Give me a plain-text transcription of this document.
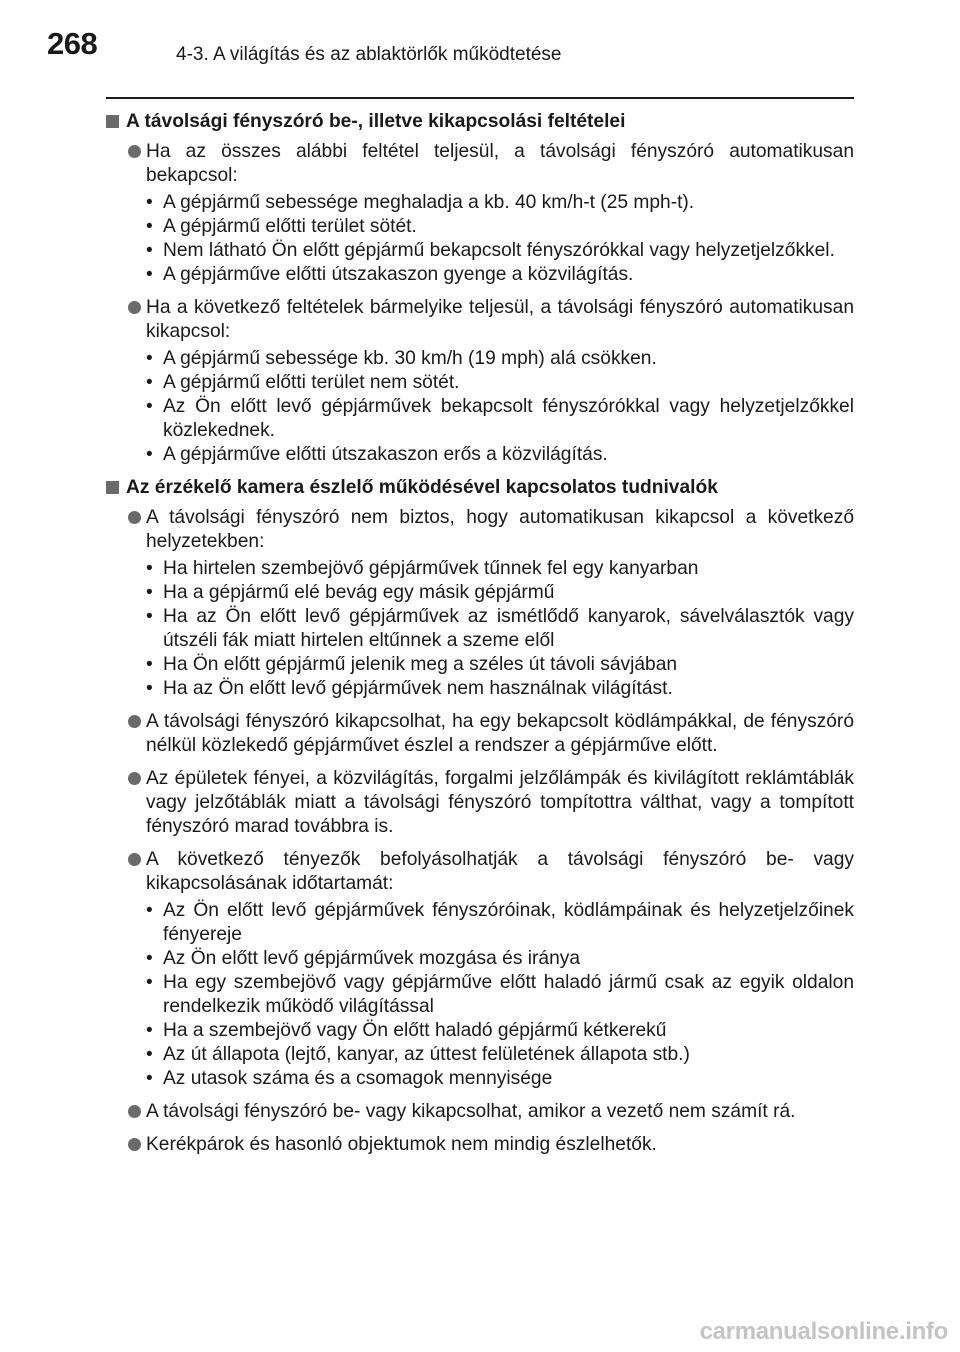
268	4-3. A világítás és az ablaktörlők működtetése
A távolsági fényszóró be-, illetve kikapcsolási feltételei
Ha az összes alábbi feltétel teljesül, a távolsági fényszóró automatikusan bekapcsol:
• A gépjármű sebessége meghaladja a kb. 40 km/h-t (25 mph-t).
• A gépjármű előtti terület sötét.
• Nem látható Ön előtt gépjármű bekapcsolt fényszórókkal vagy helyzetjelzőkkel.
• A gépjárműve előtti útszakaszon gyenge a közvilágítás.
Ha a következő feltételek bármelyike teljesül, a távolsági fényszóró automatikusan kikapcsol:
• A gépjármű sebessége kb. 30 km/h (19 mph) alá csökken.
• A gépjármű előtti terület nem sötét.
• Az Ön előtt levő gépjárművek bekapcsolt fényszórókkal vagy helyzetjelzőkkel közlekednek.
• A gépjárműve előtti útszakaszon erős a közvilágítás.
Az érzékelő kamera észlelő működésével kapcsolatos tudnivalók
A távolsági fényszóró nem biztos, hogy automatikusan kikapcsol a következő helyzetekben:
• Ha hirtelen szembejövő gépjárművek tűnnek fel egy kanyarban
• Ha a gépjármű elé bevág egy másik gépjármű
• Ha az Ön előtt levő gépjárművek az ismétlődő kanyarok, sávelválasztók vagy útszéli fák miatt hirtelen eltűnnek a szeme elől
• Ha Ön előtt gépjármű jelenik meg a széles út távoli sávjában
• Ha az Ön előtt levő gépjárművek nem használnak világítást.
A távolsági fényszóró kikapcsolhat, ha egy bekapcsolt ködlámpákkal, de fényszóró nélkül közlekedő gépjárművet észlel a rendszer a gépjárműve előtt.
Az épületek fényei, a közvilágítás, forgalmi jelzőlámpák és kivilágított reklámtáblák vagy jelzőtáblák miatt a távolsági fényszóró tompítottra válthat, vagy a tompított fényszóró marad továbbra is.
A következő tényezők befolyásolhatják a távolsági fényszóró be- vagy kikapcsolásának időtartamát:
• Az Ön előtt levő gépjárművek fényszóróinak, ködlámpáinak és helyzetjelzőinek fényereje
• Az Ön előtt levő gépjárművek mozgása és iránya
• Ha egy szembejövő vagy gépjárműve előtt haladó jármű csak az egyik oldalon rendelkezik működő világítással
• Ha a szembejövő vagy Ön előtt haladó gépjármű kétkerekű
• Az út állapota (lejtő, kanyar, az úttest felületének állapota stb.)
• Az utasok száma és a csomagok mennyisége
A távolsági fényszóró be- vagy kikapcsolhat, amikor a vezető nem számít rá.
Kerékpárok és hasonló objektumok nem mindig észlelhetők.
carmanualsonline.info
